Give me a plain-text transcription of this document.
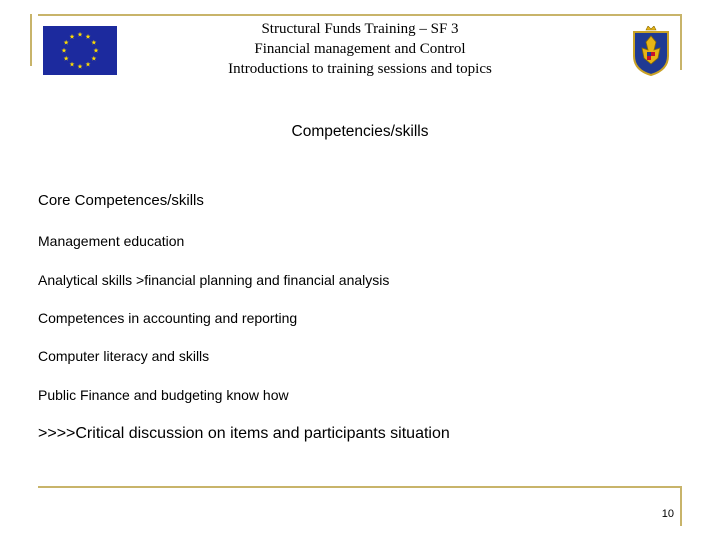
Structural Funds Training – SF 3
Financial management and Control
Introductions to training sessions and topics
Competencies/skills
Core Competences/skills
Management education
Analytical skills >financial planning and financial analysis
Competences in accounting and reporting
Computer literacy and skills
Public Finance and budgeting know how
>>>>Critical discussion on items and participants situation
10
